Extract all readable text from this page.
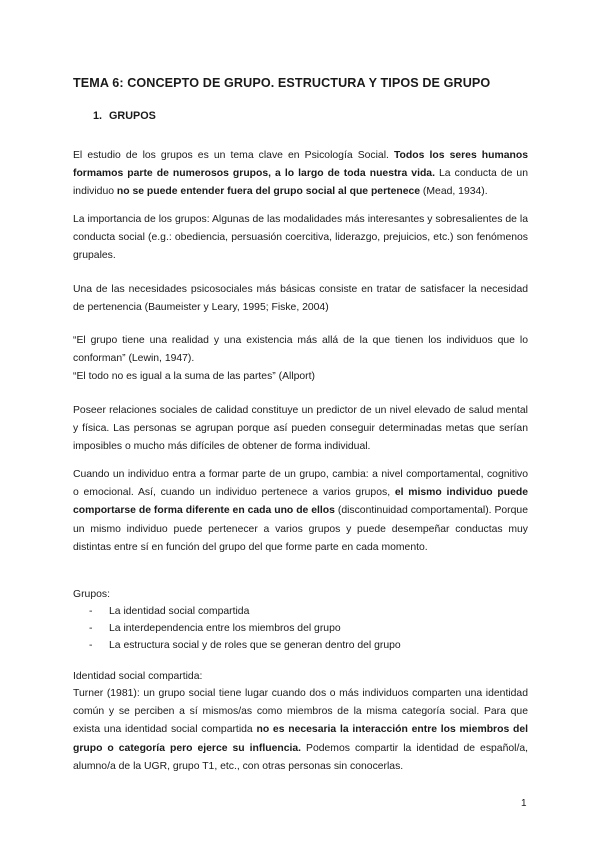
TEMA 6: CONCEPTO DE GRUPO. ESTRUCTURA Y TIPOS DE GRUPO
1. GRUPOS
El estudio de los grupos es un tema clave en Psicología Social. Todos los seres humanos formamos parte de numerosos grupos, a lo largo de toda nuestra vida. La conducta de un individuo no se puede entender fuera del grupo social al que pertenece (Mead, 1934).
La importancia de los grupos: Algunas de las modalidades más interesantes y sobresalientes de la conducta social (e.g.: obediencia, persuasión coercitiva, liderazgo, prejuicios, etc.) son fenómenos grupales.
Una de las necesidades psicosociales más básicas consiste en tratar de satisfacer la necesidad de pertenencia (Baumeister y Leary, 1995; Fiske, 2004)
“El grupo tiene una realidad y una existencia más allá de la que tienen los individuos que lo conforman” (Lewin, 1947).
“El todo no es igual a la suma de las partes” (Allport)
Poseer relaciones sociales de calidad constituye un predictor de un nivel elevado de salud mental y física. Las personas se agrupan porque así pueden conseguir determinadas metas que serían imposibles o mucho más difíciles de obtener de forma individual.
Cuando un individuo entra a formar parte de un grupo, cambia: a nivel comportamental, cognitivo o emocional. Así, cuando un individuo pertenece a varios grupos, el mismo individuo puede comportarse de forma diferente en cada uno de ellos (discontinuidad comportamental). Porque un mismo individuo puede pertenecer a varios grupos y puede desempeñar conductas muy distintas entre sí en función del grupo del que forme parte en cada momento.
Grupos:
- La identidad social compartida
- La interdependencia entre los miembros del grupo
- La estructura social y de roles que se generan dentro del grupo
Identidad social compartida:
Turner (1981): un grupo social tiene lugar cuando dos o más individuos comparten una identidad común y se perciben a sí mismos/as como miembros de la misma categoría social. Para que exista una identidad social compartida no es necesaria la interacción entre los miembros del grupo o categoría pero ejerce su influencia. Podemos compartir la identidad de español/a, alumno/a de la UGR, grupo T1, etc., con otras personas sin conocerlas.
1
